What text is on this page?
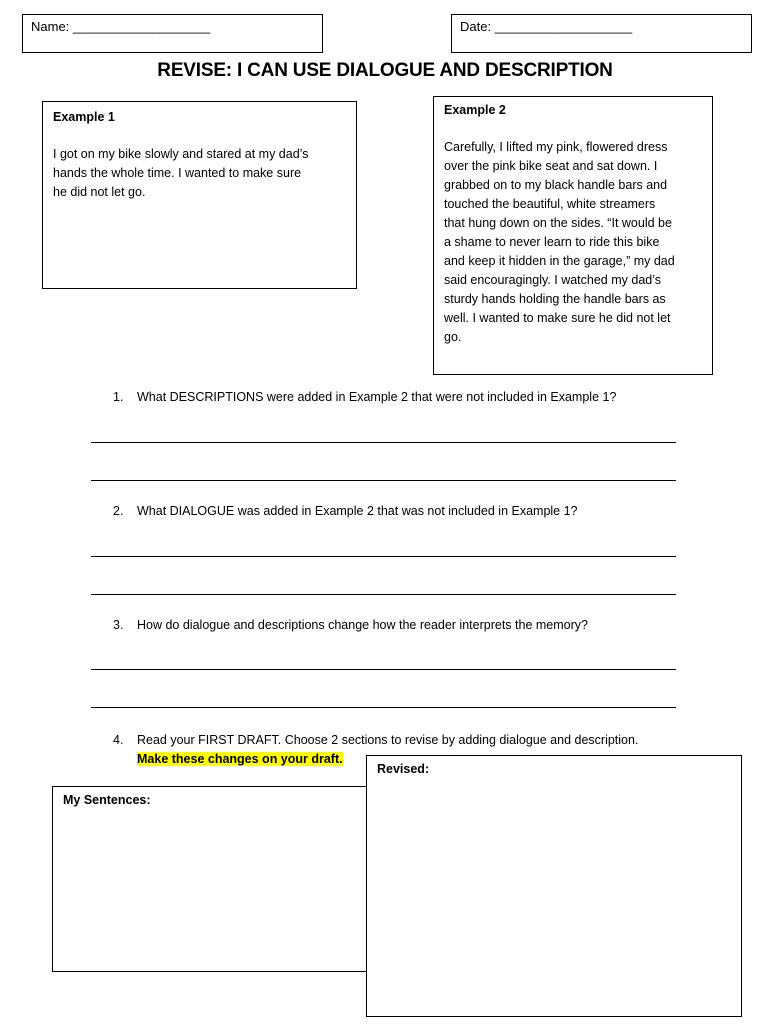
Name: ___________________	Date: ___________________
REVISE: I CAN USE DIALOGUE AND DESCRIPTION
Example 1
I got on my bike slowly and stared at my dad’s
hands the whole time. I wanted to make sure
he did not let go.
Example 2
Carefully, I lifted my pink, flowered dress
over the pink bike seat and sat down. I
grabbed on to my black handle bars and
touched the beautiful, white streamers
that hung down on the sides. “It would be
a shame to never learn to ride this bike
and keep it hidden in the garage,” my dad
said encouragingly. I watched my dad’s
sturdy hands holding the handle bars as
well. I wanted to make sure he did not let
go.
1. What DESCRIPTIONS were added in Example 2 that were not included in Example 1?
2. What DIALOGUE was added in Example 2 that was not included in Example 1?
3. How do dialogue and descriptions change how the reader interprets the memory?
4. Read your FIRST DRAFT. Choose 2 sections to revise by adding dialogue and description.
Make these changes on your draft.
My Sentences:
Revised:
